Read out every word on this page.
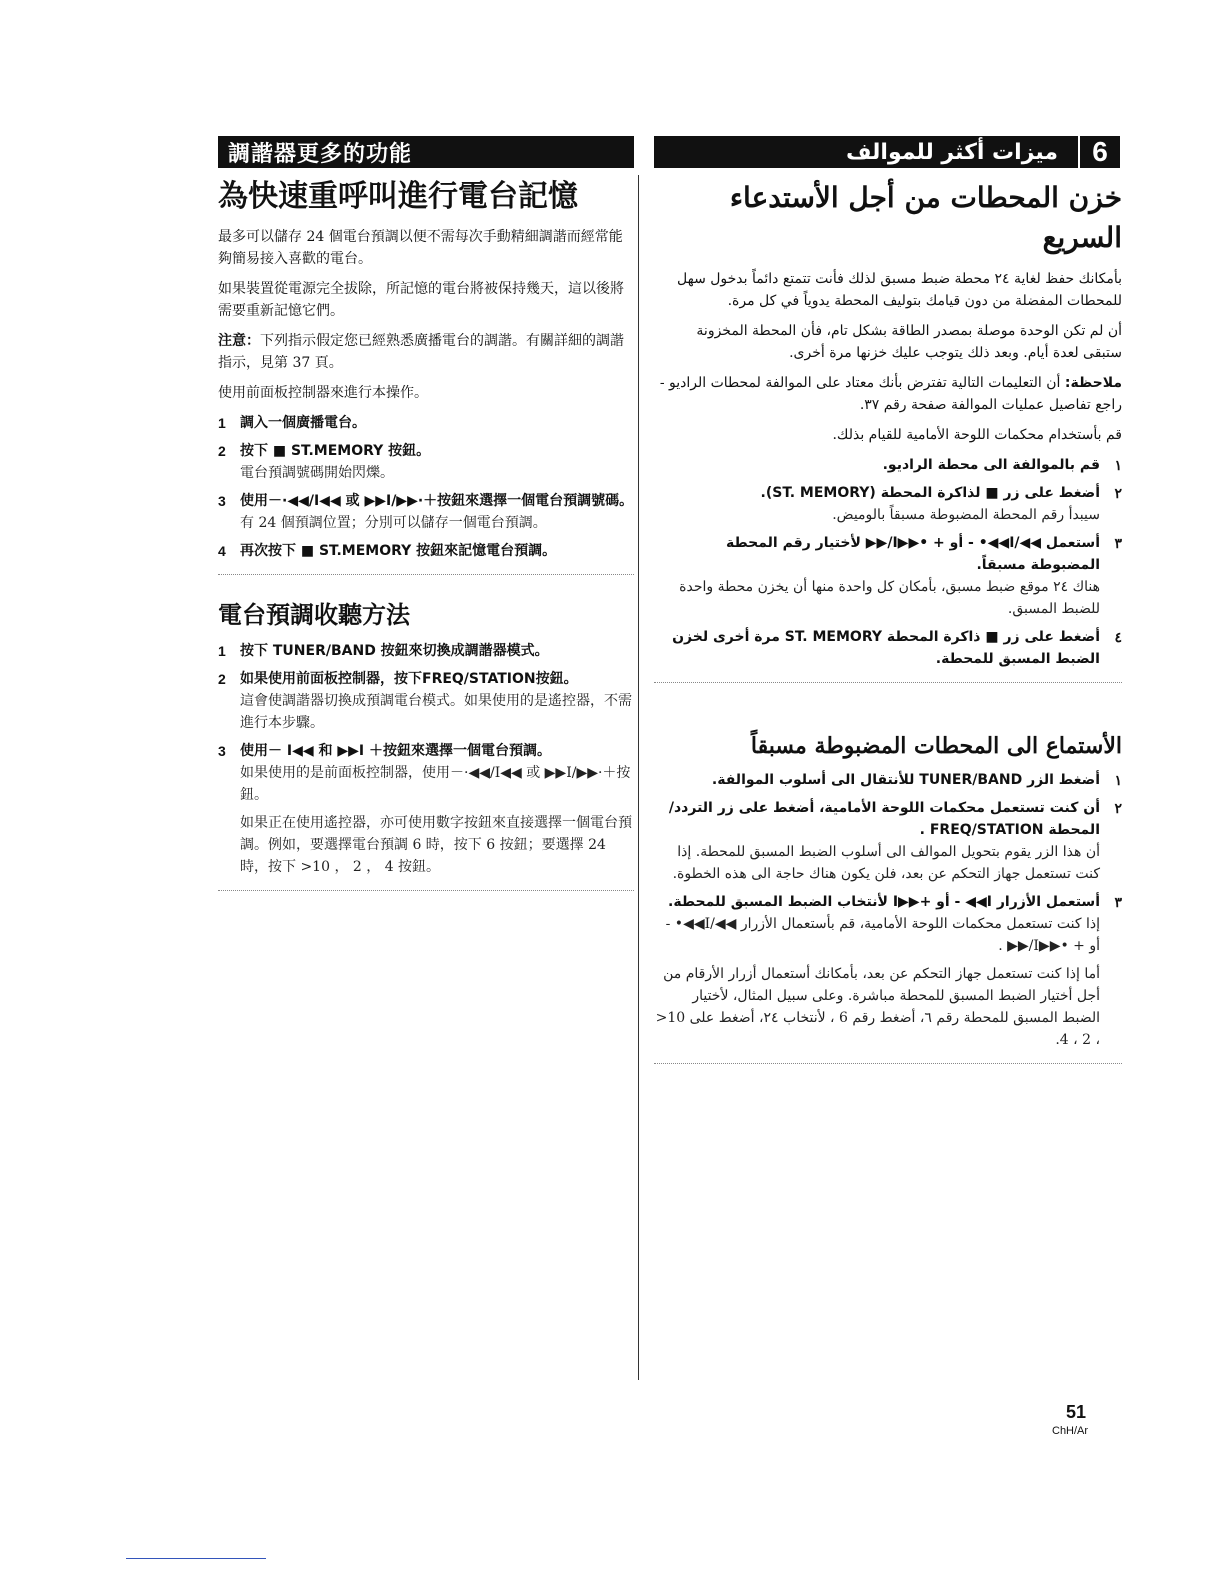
調諧器更多的功能
為快速重呼叫進行電台記憶

最多可以儲存 24 個電台預調以便不需每次手動精細調諧而經常能夠簡易接入喜歡的電台。

如果裝置從電源完全拔除，所記憶的電台將被保持幾天，這以後將需要重新記憶它們。

注意：下列指示假定您已經熟悉廣播電台的調諧。有關詳細的調諧指示，見第 37 頁。

使用前面板控制器來進行本操作。

1 調入一個廣播電台。
2 按下 ■ ST.MEMORY 按鈕。
電台預調號碼開始閃爍。
3 使用－·◀◀/I◀◀ 或 ▶▶I/▶▶·＋按鈕來選擇一個電台預調號碼。
有 24 個預調位置；分別可以儲存一個電台預調。
4 再次按下 ■ ST.MEMORY 按鈕來記憶電台預調。
電台預調收聽方法
1 按下 TUNER/BAND 按鈕來切換成調諧器模式。
2 如果使用前面板控制器，按下FREQ/STATION按鈕。
這會使調諧器切換成預調電台模式。如果使用的是遙控器，不需進行本步驟。
3 使用－ I◀◀ 和 ▶▶I ＋按鈕來選擇一個電台預調。
如果使用的是前面板控制器，使用－·◀◀/I◀◀ 或 ▶▶I/▶▶·＋按鈕。
如果正在使用遙控器，亦可使用數字按鈕來直接選擇一個電台預調。例如，要選擇電台預調 6 時，按下 6 按鈕；要選擇 24 時，按下 >10 ， 2 ， 4 按鈕。
6
ميزات أكثر للموالف
خزن المحطات من أجل الأستدعاء السريع

بأمكانك حفظ لغاية ٢٤ محطة ضبط مسبق لذلك فأنت تتمتع دائماً بدخول سهل للمحطات المفضلة من دون قيامك بتوليف المحطة يدوياً في كل مرة.

أن لم تكن الوحدة موصلة بمصدر الطاقة بشكل تام، فأن المحطة المخزونة ستبقى لعدة أيام. وبعد ذلك يتوجب عليك خزنها مرة أخرى.

ملاحظة: أن التعليمات التالية تفترض بأنك معتاد على الموالفة لمحطات الراديو - راجع تفاصيل عمليات الموالفة صفحة رقم ٣٧.

قم بأستخدام محكمات اللوحة الأمامية للقيام بذلك.

١
قم بالموالفة الى محطة الراديو.
٢
أضغط على زر ■ لذاكرة المحطة (ST. MEMORY).
سيبدأ رقم المحطة المضبوطة مسبقاً بالوميض.
٣
أستعمل ◀◀/I◀◀• - أو + •▶▶I/▶▶ لأختيار رقم المحطة المضبوطة مسبقاً.
هناك ٢٤ موقع ضبط مسبق، بأمكان كل واحدة منها أن يخزن محطة واحدة للضبط المسبق.
٤
أضغط على زر ■ ذاكرة المحطة ST. MEMORY مرة أخرى لخزن الضبط المسبق للمحطة.
الأستماع الى المحطات المضبوطة مسبقاً
١
أضغط الزر TUNER/BAND للأنتقال الى أسلوب الموالفة.
٢
أن كنت تستعمل محكمات اللوحة الأمامية، أضغط على زر التردد/المحطة FREQ/STATION .
أن هذا الزر يقوم بتحويل الموالف الى أسلوب الضبط المسبق للمحطة. إذا كنت تستعمل جهاز التحكم عن بعد، فلن يكون هناك حاجة الى هذه الخطوة.
٣
أستعمل الأزرار I◀◀ - أو +▶▶I لأنتخاب الضبط المسبق للمحطة.
إذا كنت تستعمل محكمات اللوحة الأمامية، قم بأستعمال الأزرار ◀◀/I◀◀• - أو + •▶▶I/▶▶ .
أما إذا كنت تستعمل جهاز التحكم عن بعد، بأمكانك أستعمال أزرار الأرقام من أجل أختيار الضبط المسبق للمحطة مباشرة. وعلى سبيل المثال، لأختيار الضبط المسبق للمحطة رقم ٦، أضغط رقم 6 ، لأنتخاب ٢٤، أضغط على 10< ، 2 ، 4.
51
ChH/Ar
